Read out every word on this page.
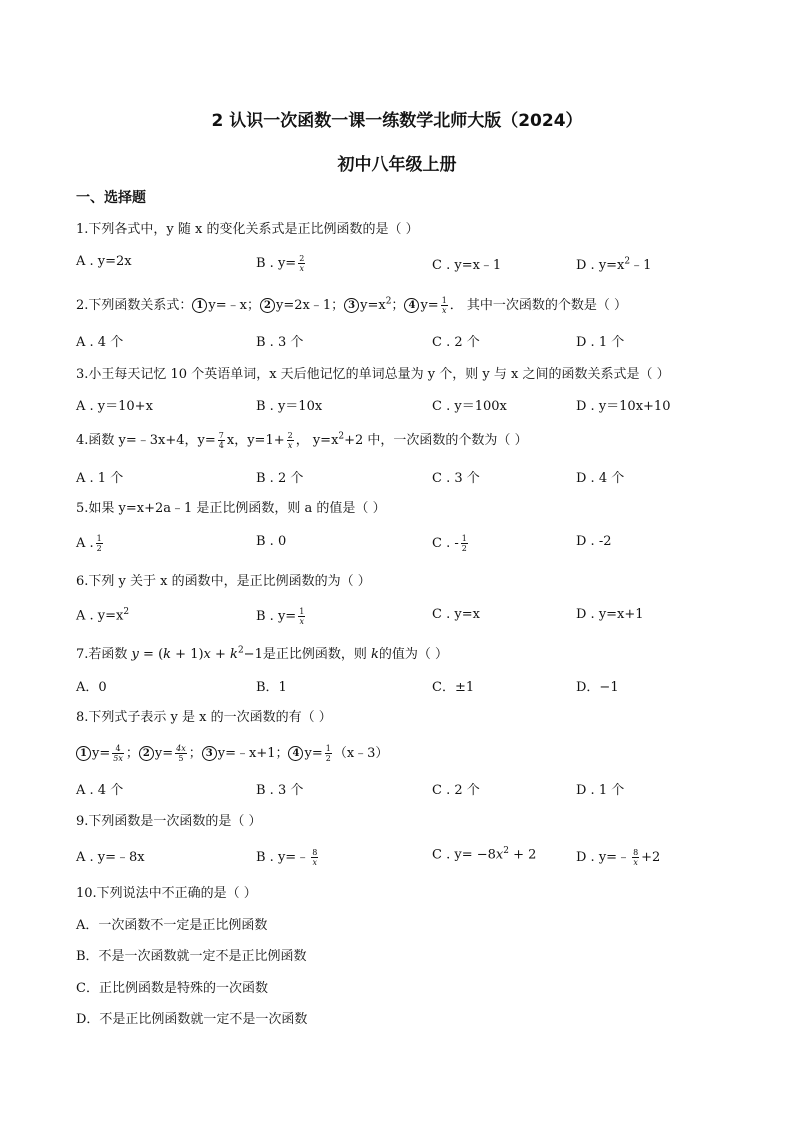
2 认识一次函数一课一练数学北师大版（2024）
初中八年级上册
一、选择题
1.下列各式中，y 随 x 的变化关系式是正比例函数的是（ ）
A . y=2x	B . $y= \frac{2}{x}$	C . y=x﹣1	D . $y=x^2﹣1$
2.下列函数关系式： 1 y=﹣x； 2 y=2x﹣1； 3 $y=x^2$； 4 $y= \frac{1}{x}$ ． 其中一次函数的个数是（ ）
A . 4 个	B . 3 个	C . 2 个	D . 1 个
3.小王每天记忆 10 个英语单词，x 天后他记忆的单词总量为 y 个，则 y 与 x 之间的函数关系式是（ ）
A . y＝10+x	B . y＝10x	C . y＝100x	D . y＝10x+10
4.函数 y=﹣3x+4，$y= \frac{7}{4}$ x，$y=1+ \frac{2}{x}$ ， $y=x^2+2$ 中，一次函数的个数为（ ）
A . 1 个	B . 2 个	C . 3 个	D . 4 个
5.如果 y=x+2a﹣1 是正比例函数，则 a 的值是（ ）
A . $\frac{1}{2}$	B . 0	C . - $\frac{1}{2}$	D . -2
6.下列 y 关于 x 的函数中，是正比例函数的为（ ）
A . $y=x^2$	B . $y= \frac{1}{x}$	C . y=x	D . y=x+1
7.若函数 $y = (k + 1)x + k^2-1$是正比例函数，则 k的值为（ ）
A．0	B．1	C．±1	D．−1
8.下列式子表示 y 是 x 的一次函数的有（ ）
1 $y= \frac{4}{5x}$ ； 2 $y= \frac{4x}{5}$ ； 3 y=﹣x+1； 4 $y= \frac{1}{2}$ （x﹣3）
A . 4 个	B . 3 个	C . 2 个	D . 1 个
9.下列函数是一次函数的是（ ）
A . y=﹣8x	B . y=﹣ $\frac{8}{x}$	C . $y= -8x^2 + 2$	D . y=﹣ $\frac{8}{x} +2$
10.下列说法中不正确的是（ ）
A．一次函数不一定是正比例函数
B．不是一次函数就一定不是正比例函数
C．正比例函数是特殊的一次函数
D．不是正比例函数就一定不是一次函数
